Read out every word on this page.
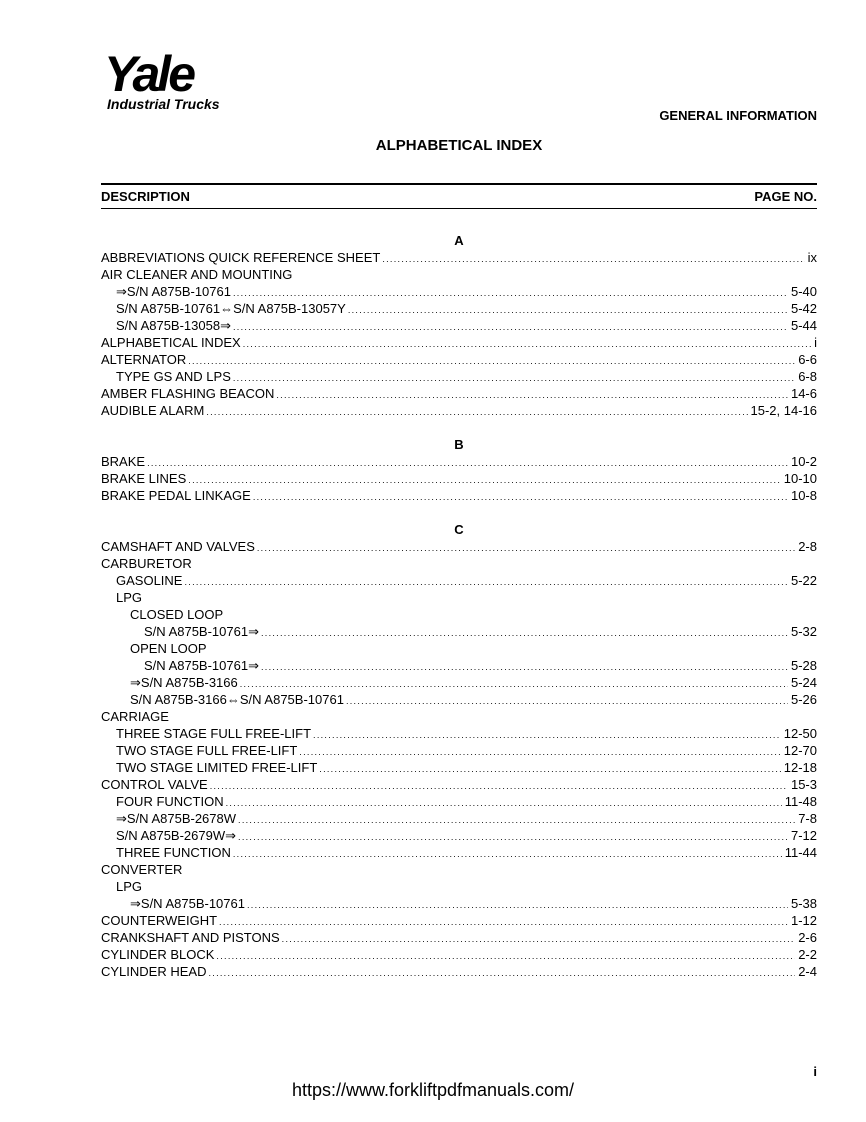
Yale
Industrial Trucks
GENERAL INFORMATION
ALPHABETICAL INDEX
DESCRIPTION	PAGE NO.
A
ABBREVIATIONS QUICK REFERENCE SHEET .....	ix
AIR CLEANER AND MOUNTING
⇒S/N A875B-10761 .....	5-40
S/N A875B-10761⇔S/N A875B-13057Y .....	5-42
S/N A875B-13058⇒ .....	5-44
ALPHABETICAL INDEX .....	i
ALTERNATOR .....	6-6
TYPE GS AND LPS .....	6-8
AMBER FLASHING BEACON .....	14-6
AUDIBLE ALARM .....	15-2, 14-16
B
BRAKE .....	10-2
BRAKE LINES .....	10-10
BRAKE PEDAL LINKAGE .....	10-8
C
CAMSHAFT AND VALVES .....	2-8
CARBURETOR
GASOLINE .....	5-22
LPG
CLOSED LOOP
S/N A875B-10761⇒ .....	5-32
OPEN LOOP
S/N A875B-10761⇒ .....	5-28
⇒S/N A875B-3166 .....	5-24
S/N A875B-3166⇔S/N A875B-10761 .....	5-26
CARRIAGE
THREE STAGE FULL FREE-LIFT .....	12-50
TWO STAGE FULL FREE-LIFT .....	12-70
TWO STAGE LIMITED FREE-LIFT .....	12-18
CONTROL VALVE .....	15-3
FOUR FUNCTION .....	11-48
⇒S/N A875B-2678W .....	7-8
S/N A875B-2679W⇒ .....	7-12
THREE FUNCTION .....	11-44
CONVERTER
LPG
⇒S/N A875B-10761 .....	5-38
COUNTERWEIGHT .....	1-12
CRANKSHAFT AND PISTONS .....	2-6
CYLINDER BLOCK .....	2-2
CYLINDER HEAD .....	2-4
i
https://www.forkliftpdfmanuals.com/
